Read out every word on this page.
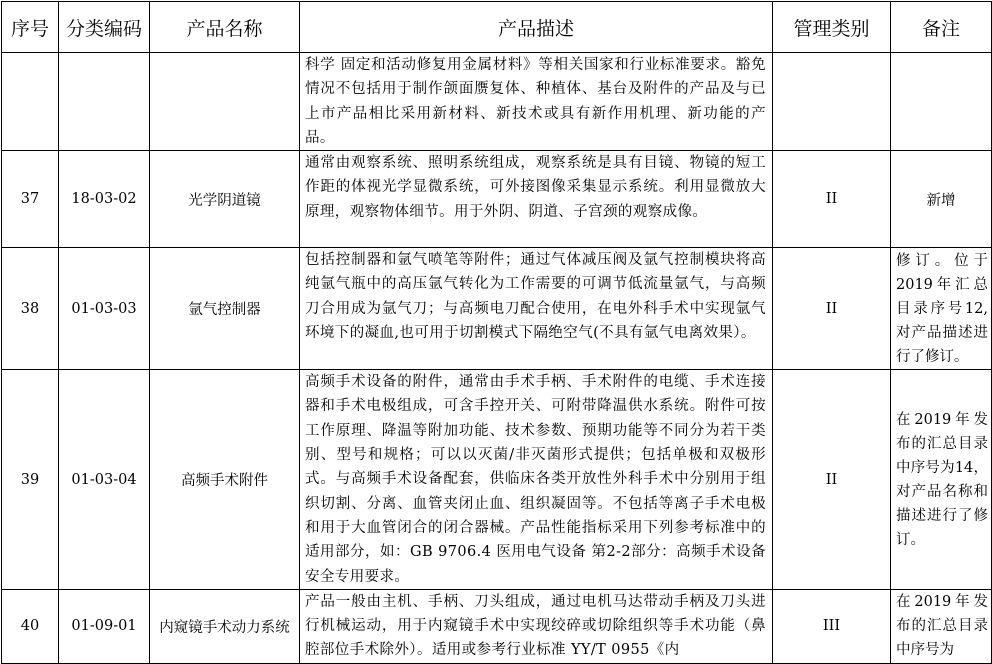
序号	分类编码	产品名称	产品描述	管理类别	备注
			科学 固定和活动修复用金属材料》等相关国家和行业标准要求。豁免情况不包括用于制作颌面赝复体、种植体、基台及附件的产品及与已上市产品相比采用新材料、新技术或具有新作用机理、新功能的产品。		
37	18-03-02	光学阴道镜	通常由观察系统、照明系统组成，观察系统是具有目镜、物镜的短工作距的体视光学显微系统，可外接图像采集显示系统。利用显微放大原理，观察物体细节。用于外阴、阴道、子宫颈的观察成像。	II	新增
38	01-03-03	氩气控制器	包括控制器和氩气喷笔等附件；通过气体减压阀及氩气控制模块将高纯氩气瓶中的高压氩气转化为工作需要的可调节低流量氩气，与高频刀合用成为氩气刀；与高频电刀配合使用，在电外科手术中实现氩气环境下的凝血,也可用于切割模式下隔绝空气(不具有氩气电离效果）。	II	修订。位于2019年汇总目录序号12,对产品描述进行了修订。
39	01-03-04	高频手术附件	高频手术设备的附件，通常由手术手柄、手术附件的电缆、手术连接器和手术电极组成，可含手控开关、可附带降温供水系统。附件可按工作原理、降温等附加功能、技术参数、预期功能等不同分为若干类别、型号和规格；可以以灭菌/非灭菌形式提供；包括单极和双极形式。与高频手术设备配套，供临床各类开放性外科手术中分别用于组织切割、分离、血管夹闭止血、组织凝固等。不包括等离子手术电极和用于大血管闭合的闭合器械。产品性能指标采用下列参考标准中的适用部分，如：GB 9706.4 医用电气设备 第2-2部分：高频手术设备安全专用要求。	II	在2019年发布的汇总目录中序号为14，对产品名称和描述进行了修订。
40	01-09-01	内窥镜手术动力系统	产品一般由主机、手柄、刀头组成，通过电机马达带动手柄及刀头进行机械运动，用于内窥镜手术中实现绞碎或切除组织等手术功能（鼻腔部位手术除外）。适用或参考行业标准 YY/T 0955《内	III	在2019年发布的汇总目录中序号为
